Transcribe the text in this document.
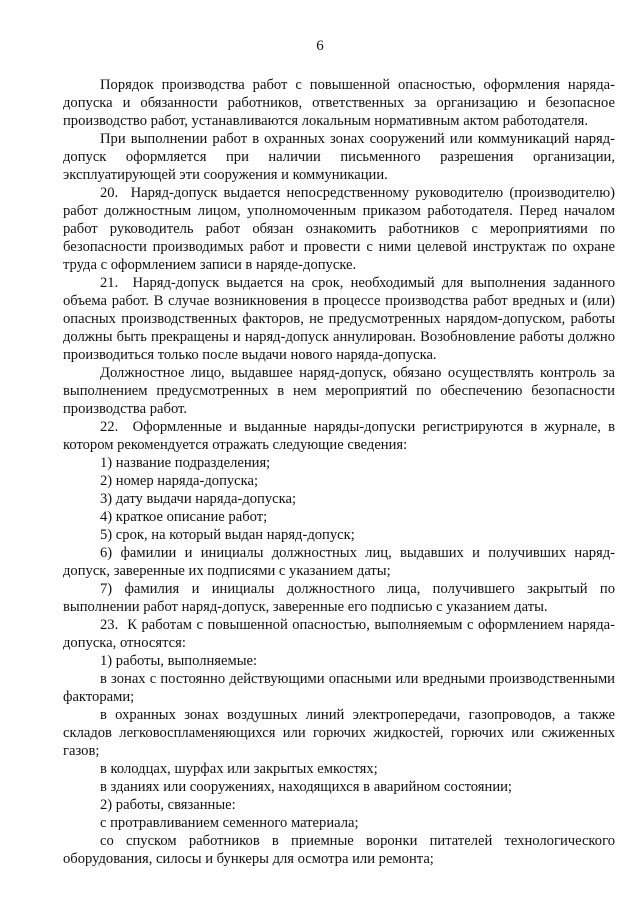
6

Порядок производства работ с повышенной опасностью, оформления наряда-допуска и обязанности работников, ответственных за организацию и безопасное производство работ, устанавливаются локальным нормативным актом работодателя.

При выполнении работ в охранных зонах сооружений или коммуникаций наряд-допуск оформляется при наличии письменного разрешения организации, эксплуатирующей эти сооружения и коммуникации.

20.  Наряд-допуск выдается непосредственному руководителю (производителю) работ должностным лицом, уполномоченным приказом работодателя. Перед началом работ руководитель работ обязан ознакомить работников с мероприятиями по безопасности производимых работ и провести с ними целевой инструктаж по охране труда с оформлением записи в наряде-допуске.

21.  Наряд-допуск выдается на срок, необходимый для выполнения заданного объема работ. В случае возникновения в процессе производства работ вредных и (или) опасных производственных факторов, не предусмотренных нарядом-допуском, работы должны быть прекращены и наряд-допуск аннулирован. Возобновление работы должно производиться только после выдачи нового наряда-допуска.

Должностное лицо, выдавшее наряд-допуск, обязано осуществлять контроль за выполнением предусмотренных в нем мероприятий по обеспечению безопасности производства работ.

22.  Оформленные и выданные наряды-допуски регистрируются в журнале, в котором рекомендуется отражать следующие сведения:

1) название подразделения;

2) номер наряда-допуска;

3) дату выдачи наряда-допуска;

4) краткое описание работ;

5) срок, на который выдан наряд-допуск;

6) фамилии и инициалы должностных лиц, выдавших и получивших наряд-допуск, заверенные их подписями с указанием даты;

7) фамилия и инициалы должностного лица, получившего закрытый по выполнении работ наряд-допуск, заверенные его подписью с указанием даты.

23.  К работам с повышенной опасностью, выполняемым с оформлением наряда-допуска, относятся:

1) работы, выполняемые:

в зонах с постоянно действующими опасными или вредными производственными факторами;

в охранных зонах воздушных линий электропередачи, газопроводов, а также складов легковоспламеняющихся или горючих жидкостей, горючих или сжиженных газов;

в колодцах, шурфах или закрытых емкостях;

в зданиях или сооружениях, находящихся в аварийном состоянии;

2) работы, связанные:

с протравливанием семенного материала;

со спуском работников в приемные воронки питателей технологического оборудования, силосы и бункеры для осмотра или ремонта;
